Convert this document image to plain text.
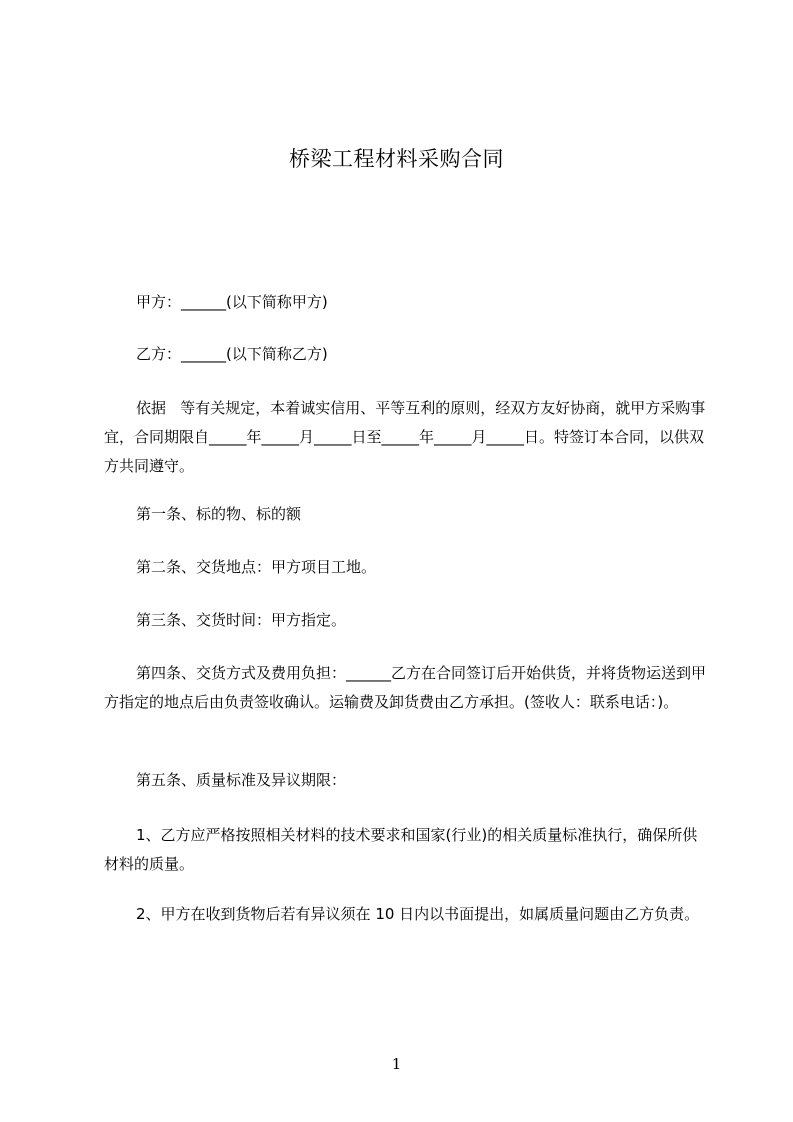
桥梁工程材料采购合同
甲方：______(以下简称甲方)
乙方：______(以下简称乙方)
依据   等有关规定，本着诚实信用、平等互利的原则，经双方友好协商，就甲方采购事宜，合同期限自_____年_____月_____日至_____年_____月_____日。特签订本合同，以供双方共同遵守。
第一条、标的物、标的额
第二条、交货地点：甲方项目工地。
第三条、交货时间：甲方指定。
第四条、交货方式及费用负担：______乙方在合同签订后开始供货，并将货物运送到甲方指定的地点后由负责签收确认。运输费及卸货费由乙方承担。(签收人：联系电话：)。
第五条、质量标准及异议期限：
1、乙方应严格按照相关材料的技术要求和国家(行业)的相关质量标准执行，确保所供材料的质量。
2、甲方在收到货物后若有异议须在 10 日内以书面提出，如属质量问题由乙方负责。
1
